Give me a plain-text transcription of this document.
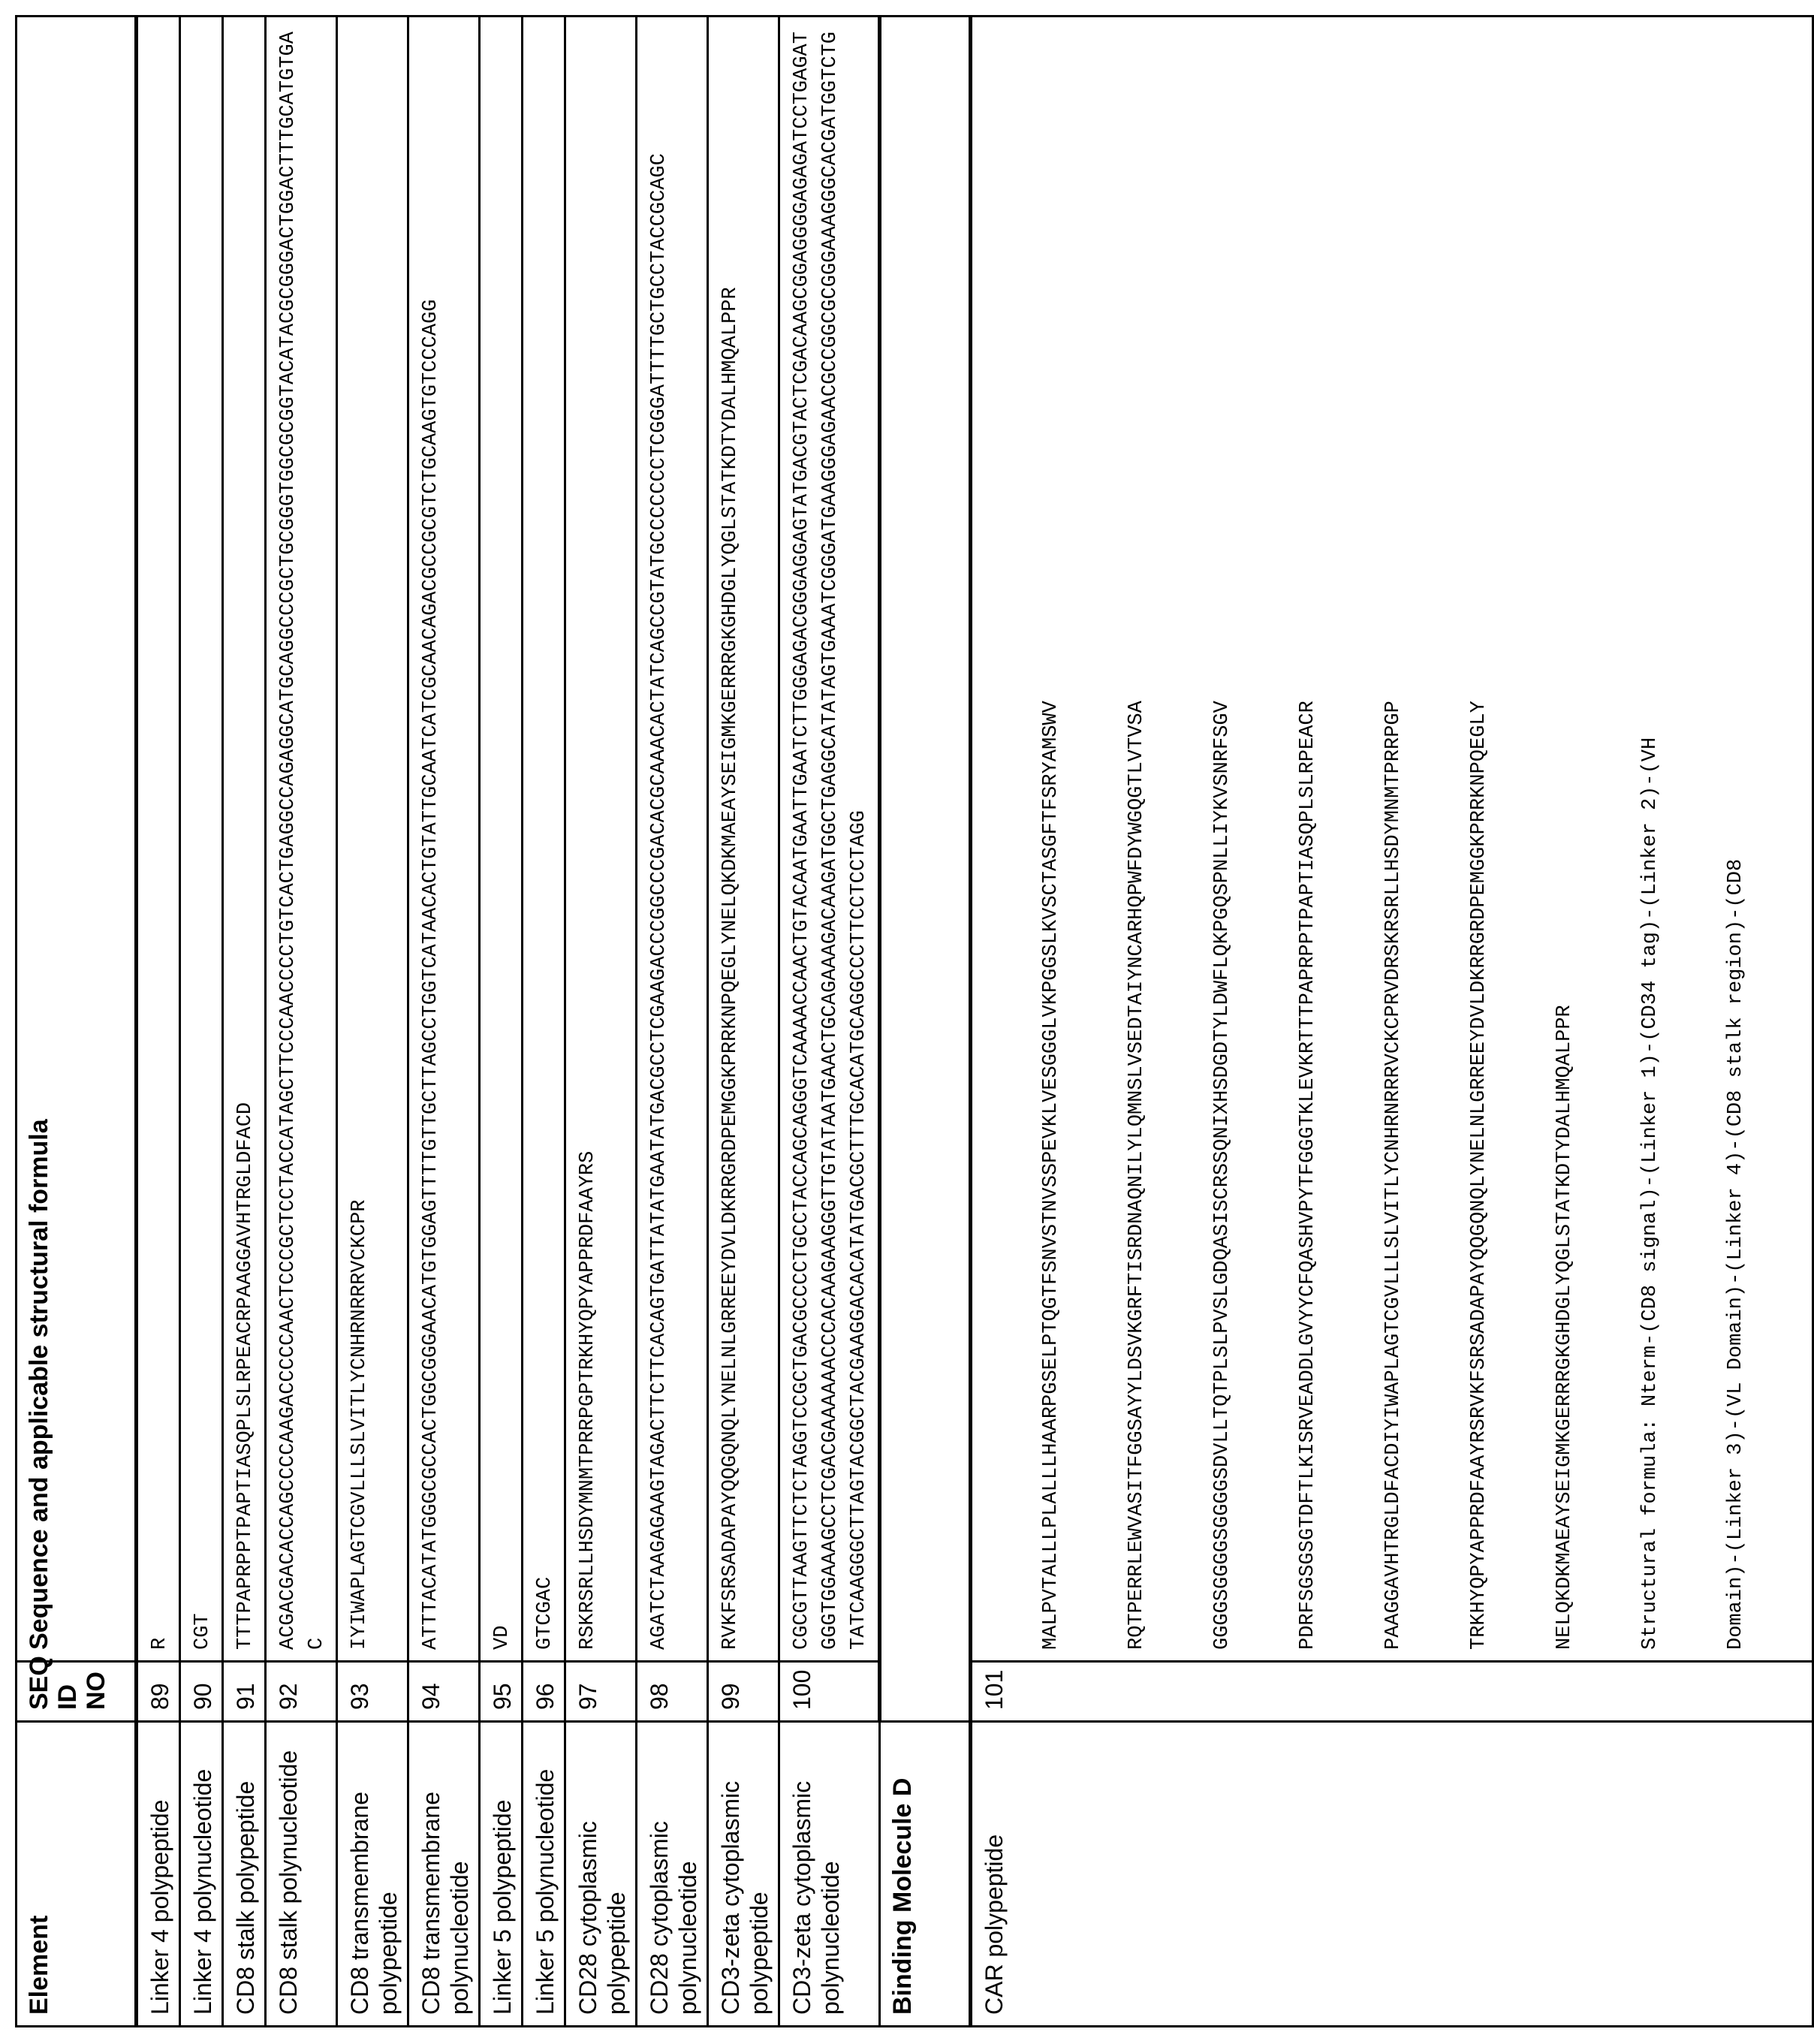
Element	SEQ ID NO	Sequence and applicable structural formula
Linker 4 polypeptide	89	R
Linker 4 polynucleotide	90	CGT
CD8 stalk polypeptide	91	TTTPAPRPPTPAPTIASQPLSLRPEACRPAAGGAVHTRGLDFACD
CD8 stalk polynucleotide	92	ACGACGACACCAGCCCCAAGACCCCCAACTCCCGCTCCTACCATAGCTTCCCAACCCCTGTCACTGAGGCCAGAGGCATGCAGGCCCGCTGCGGGTGGCGCGGTACATACGCGGGACTGGACTTTGCATGTGAC
CD8 transmembrane polypeptide	93	IYIWAPLAGTCGVLLLSLVITLYCNHRNRRRVCKCPR
CD8 transmembrane polynucleotide	94	ATTTACATATGGGCGCCACTGGCGGGAACATGTGGAGTTTTGTTGCTTAGCCTGGTCATAACACTGTATTGCAATCATCGCAACAGACGCCGCGTCTGCAAGTGTCCCAGG
Linker 5 polypeptide	95	VD
Linker 5 polynucleotide	96	GTCGAC
CD28 cytoplasmic polypeptide	97	RSKRSRLLHSDYMNMTPRRPGPTRKHYQPYAPPRDFAAYRS
CD28 cytoplasmic polynucleotide	98	AGATCTAAGAGAAGTAGACTTCTTCACAGTGATTATATGAATATGACGCCTCGAAGACCCGGCCCGACACGCAAACACTATCAGCCGTATGCCCCCCCTCGGGATTTTGCTGCCTACCGCAGC
CD3-zeta cytoplasmic polypeptide	99	RVKFSRSADAPAYQQGQNQLYNELNLGRREEYDVLDKRRGRDPEMGGKPRRKNPQEGLYNELQKDKMAEAYSEIGMKGERRRGKGHDGLYQGLSTATKDTYDALHMQALPPR
CD3-zeta cytoplasmic polynucleotide	100	CGCGTTAAGTTCTCTAGGTCCGCTGACGCCCCTGCCTACCAGCAGGGTCAAAACCAACTGTACAATGAATTGAATCTTGGGAGACGGGAGGAGTATGACGTACTCGACAAGCGGAGGGGAGAGATCCTGAGATGGGTGGAAAGCCTCGACGAAAAAACCCACAAGAAGGGTTGTATAATGAACTGCAGAAAGACAAGATGGCTGAGGCATATAGTGAAATCGGGATGAAGGGAGAACGCCGGCGCGGGAAAGGGCACGATGGTCTGTATCAAGGGCTTAGTACGGCTACGAAGGACACATATGACGCTTTGCACATGCAGGCCCTTCCTCCTAGG
Binding Molecule D		
CAR polypeptide	101	

MALPVTALLLPLALLLHAARPGSELPTQGTFSNVSTNVSSPEVKLVESGGGLVKPGGSLKVSCTASGFTFSRYAMSWV

	RQTPERRLEWVASITFGGSAYYLDSVKGRFTISRDNAQNILYLQMNSLVSEDTAIYNCARHQPWFDYWGQGTLVTVSA

	GGGGSGGGGSGGGGSDVLLTQTPLSLPVSLGDQASISCRSSQNIXHSDGDTYLDWFLQKPGQSPNLLIYKVSNRFSGV

	PDRFSGSGSGTDFTLKISRVEADDLGVYYCFQASHVPYTFGGGTKLEVKRTTTPAPRPPTPAPTIASQPLSLRPEACR

	PAAGGAVHTRGLDFACDIYIWAPLAGTCGVLLLSLVITLYCNHRNRRRVCKCPRVDRSKRSRLLHSDYMNMTPRRPGP

	TRKHYQPYAPPRDFAAYRSRVKFSRSADAPAYQQGQNQLYNELNLGRREEYDVLDKRRGRDPEMGGKPRRKNPQEGLY

	NELQKDKMAEAYSEIGMKGERRRGKGHDGLYQGLSTATKDTYDALHMQALPPR

	Structural formula: Nterm-(CD8 signal)-(Linker 1)-(CD34 tag)-(Linker 2)-(VH

	Domain)-(Linker 3)-(VL Domain)-(Linker 4)-(CD8 stalk region)-(CD8
